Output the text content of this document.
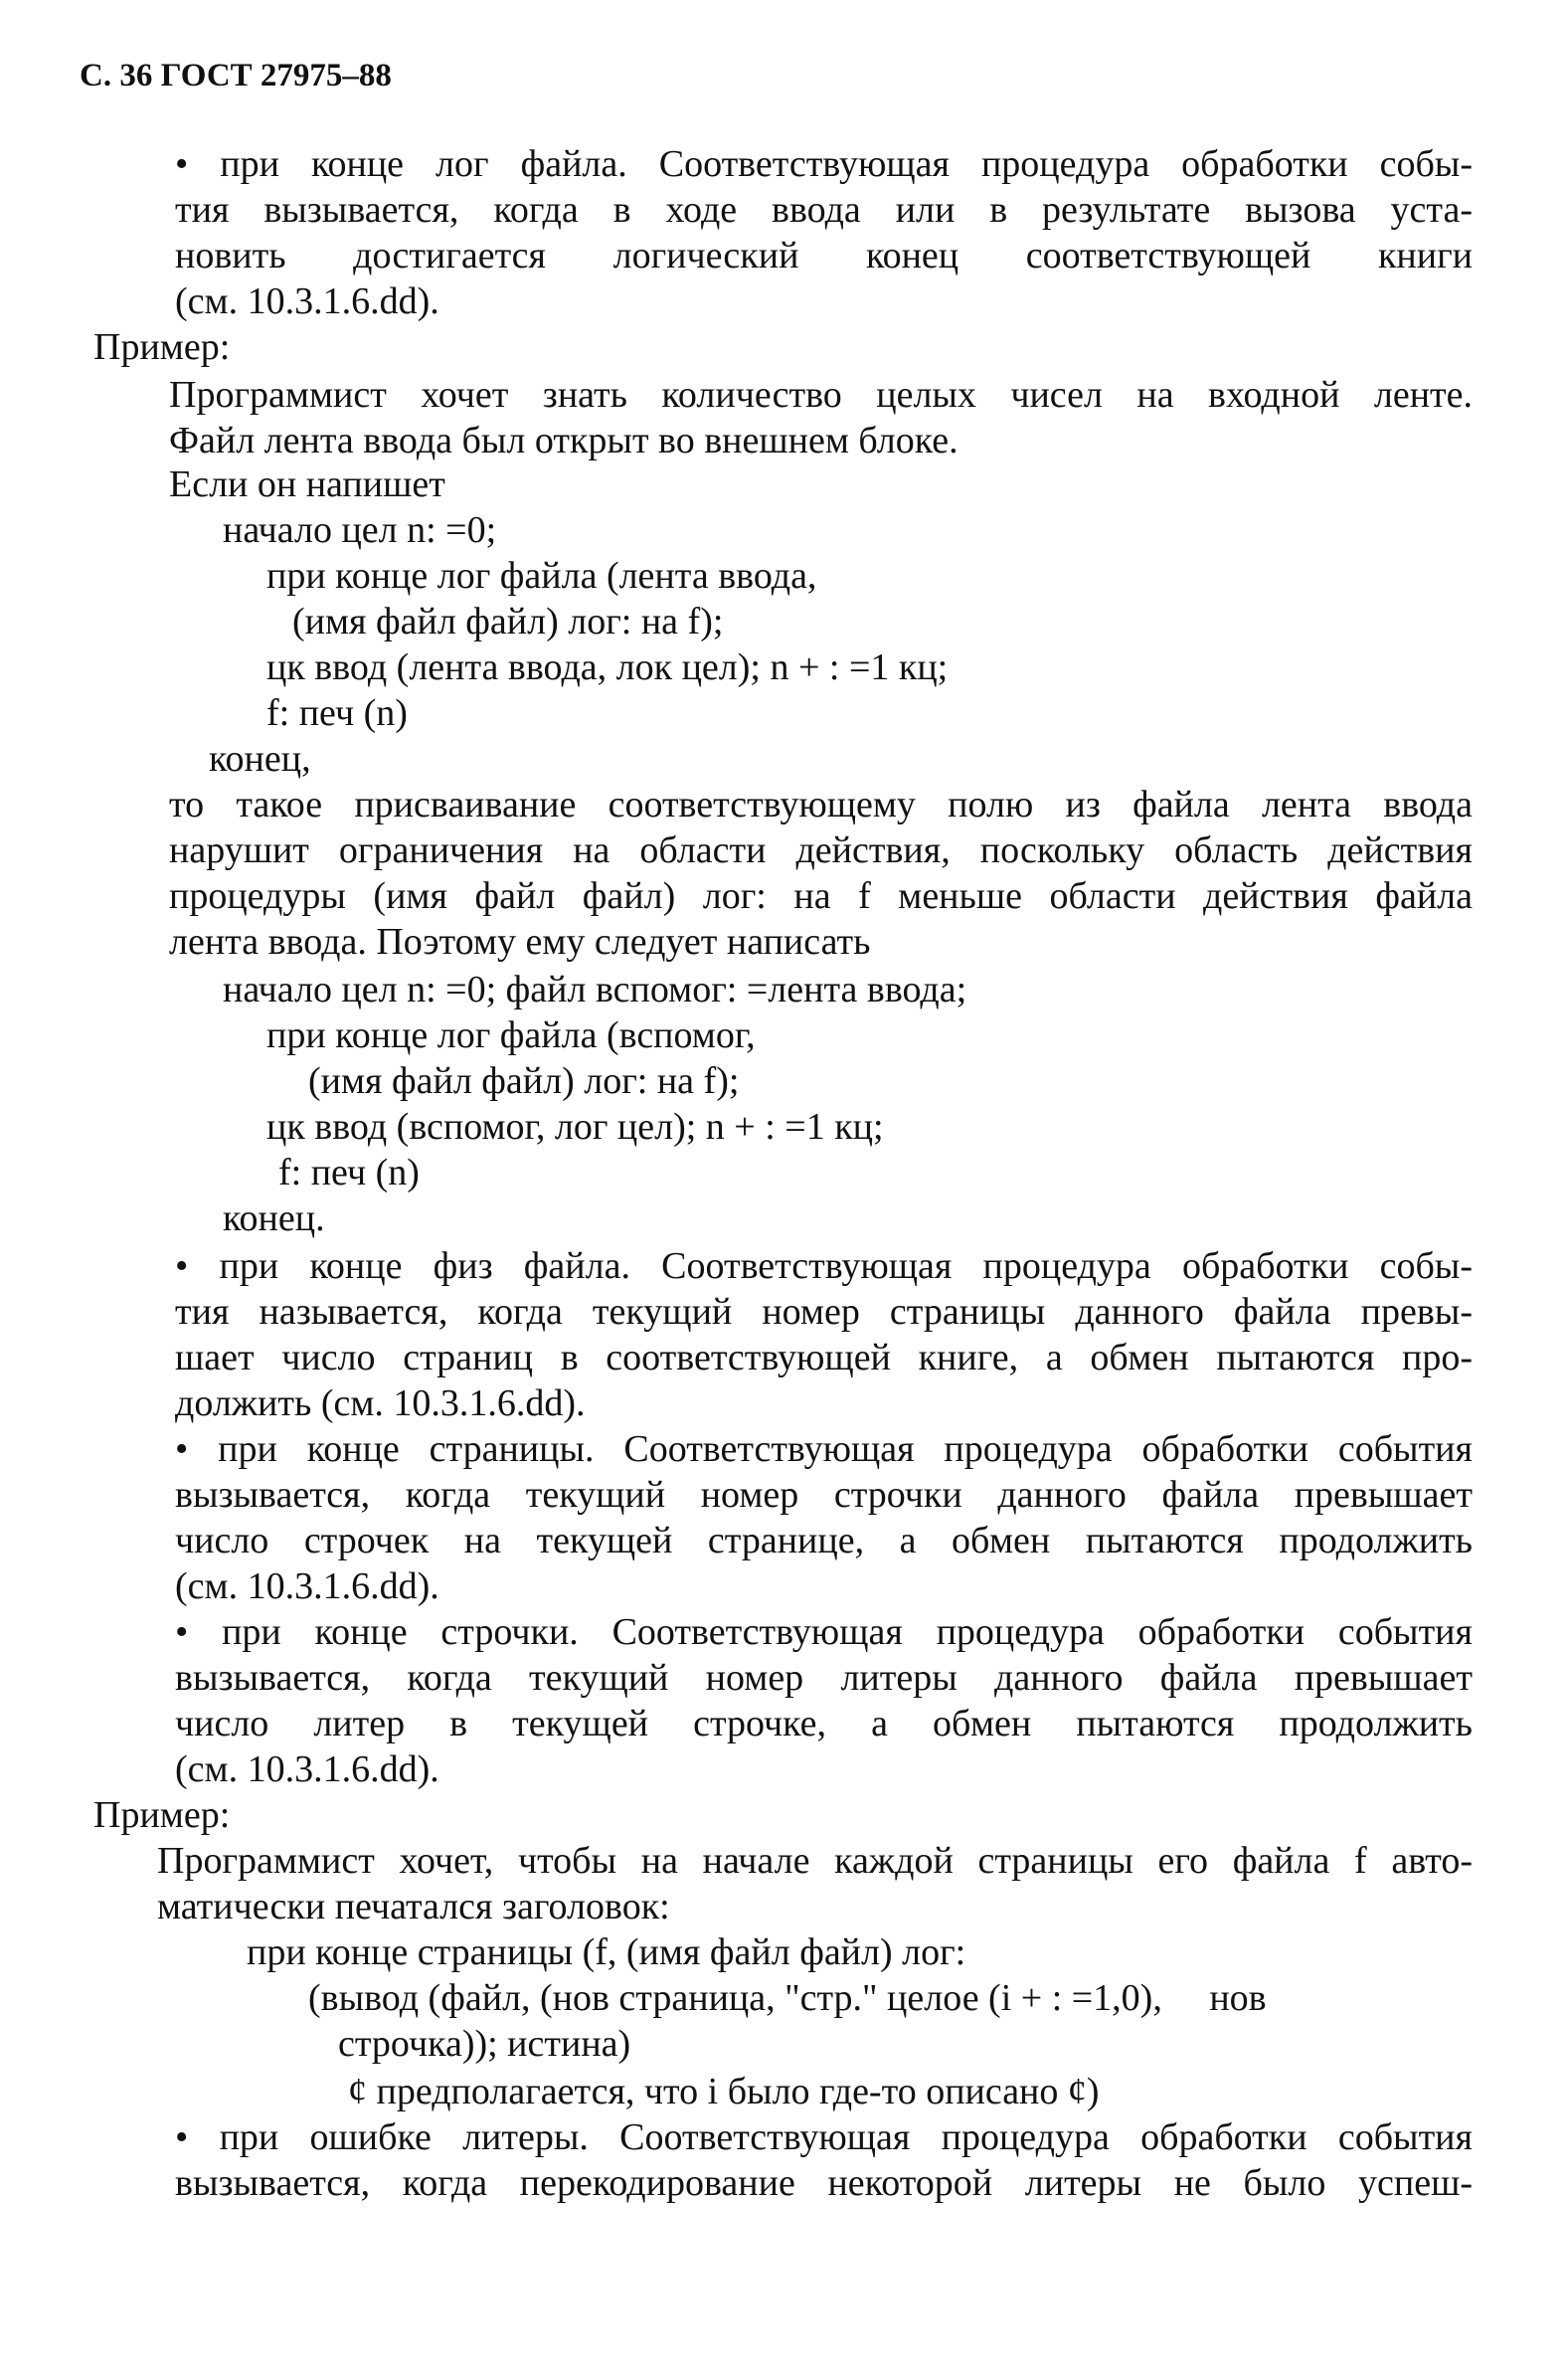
С. 36 ГОСТ 27975–88
• при конце лог файла. Соответствующая процедура обработки собы-
тия вызывается, когда в ходе ввода или в результате вызова уста-
новить достигается логический конец соответствующей книги
(см. 10.3.1.6.dd).
Пример:
Программист хочет знать количество целых чисел на входной ленте.
Файл лента ввода был открыт во внешнем блоке.
Если он напишет
начало цел n: =0;
при конце лог файла (лента ввода,
(имя файл файл) лог: на f);
цк ввод (лента ввода, лок цел); n + : =1 кц;
f: печ (n)
конец,
то такое присваивание соответствующему полю из файла лента ввода
нарушит ограничения на области действия, поскольку область действия
процедуры (имя файл файл) лог: на f меньше области действия файла
лента ввода. Поэтому ему следует написать
начало цел n: =0; файл вспомог: =лента ввода;
при конце лог файла (вспомог,
(имя файл файл) лог: на f);
цк ввод (вспомог, лог цел); n + : =1 кц;
f: печ (n)
конец.
• при конце физ файла. Соответствующая процедура обработки собы-
тия называется, когда текущий номер страницы данного файла превы-
шает число страниц в соответствующей книге, а обмен пытаются про-
должить (см. 10.3.1.6.dd).
• при конце страницы. Соответствующая процедура обработки события
вызывается, когда текущий номер строчки данного файла превышает
число строчек на текущей странице, а обмен пытаются продолжить
(см. 10.3.1.6.dd).
• при конце строчки. Соответствующая процедура обработки события
вызывается, когда текущий номер литеры данного файла превышает
число литер в текущей строчке, а обмен пытаются продолжить
(см. 10.3.1.6.dd).
Пример:
Программист хочет, чтобы на начале каждой страницы его файла f авто-
матически печатался заголовок:
при конце страницы (f, (имя файл файл) лог:
(вывод (файл, (нов страница, "стр." целое (i + : =1,0),     нов
строчка)); истина)
¢ предполагается, что i было где-то описано ¢)
• при ошибке литеры. Соответствующая процедура обработки события
вызывается, когда перекодирование некоторой литеры не было успеш-
